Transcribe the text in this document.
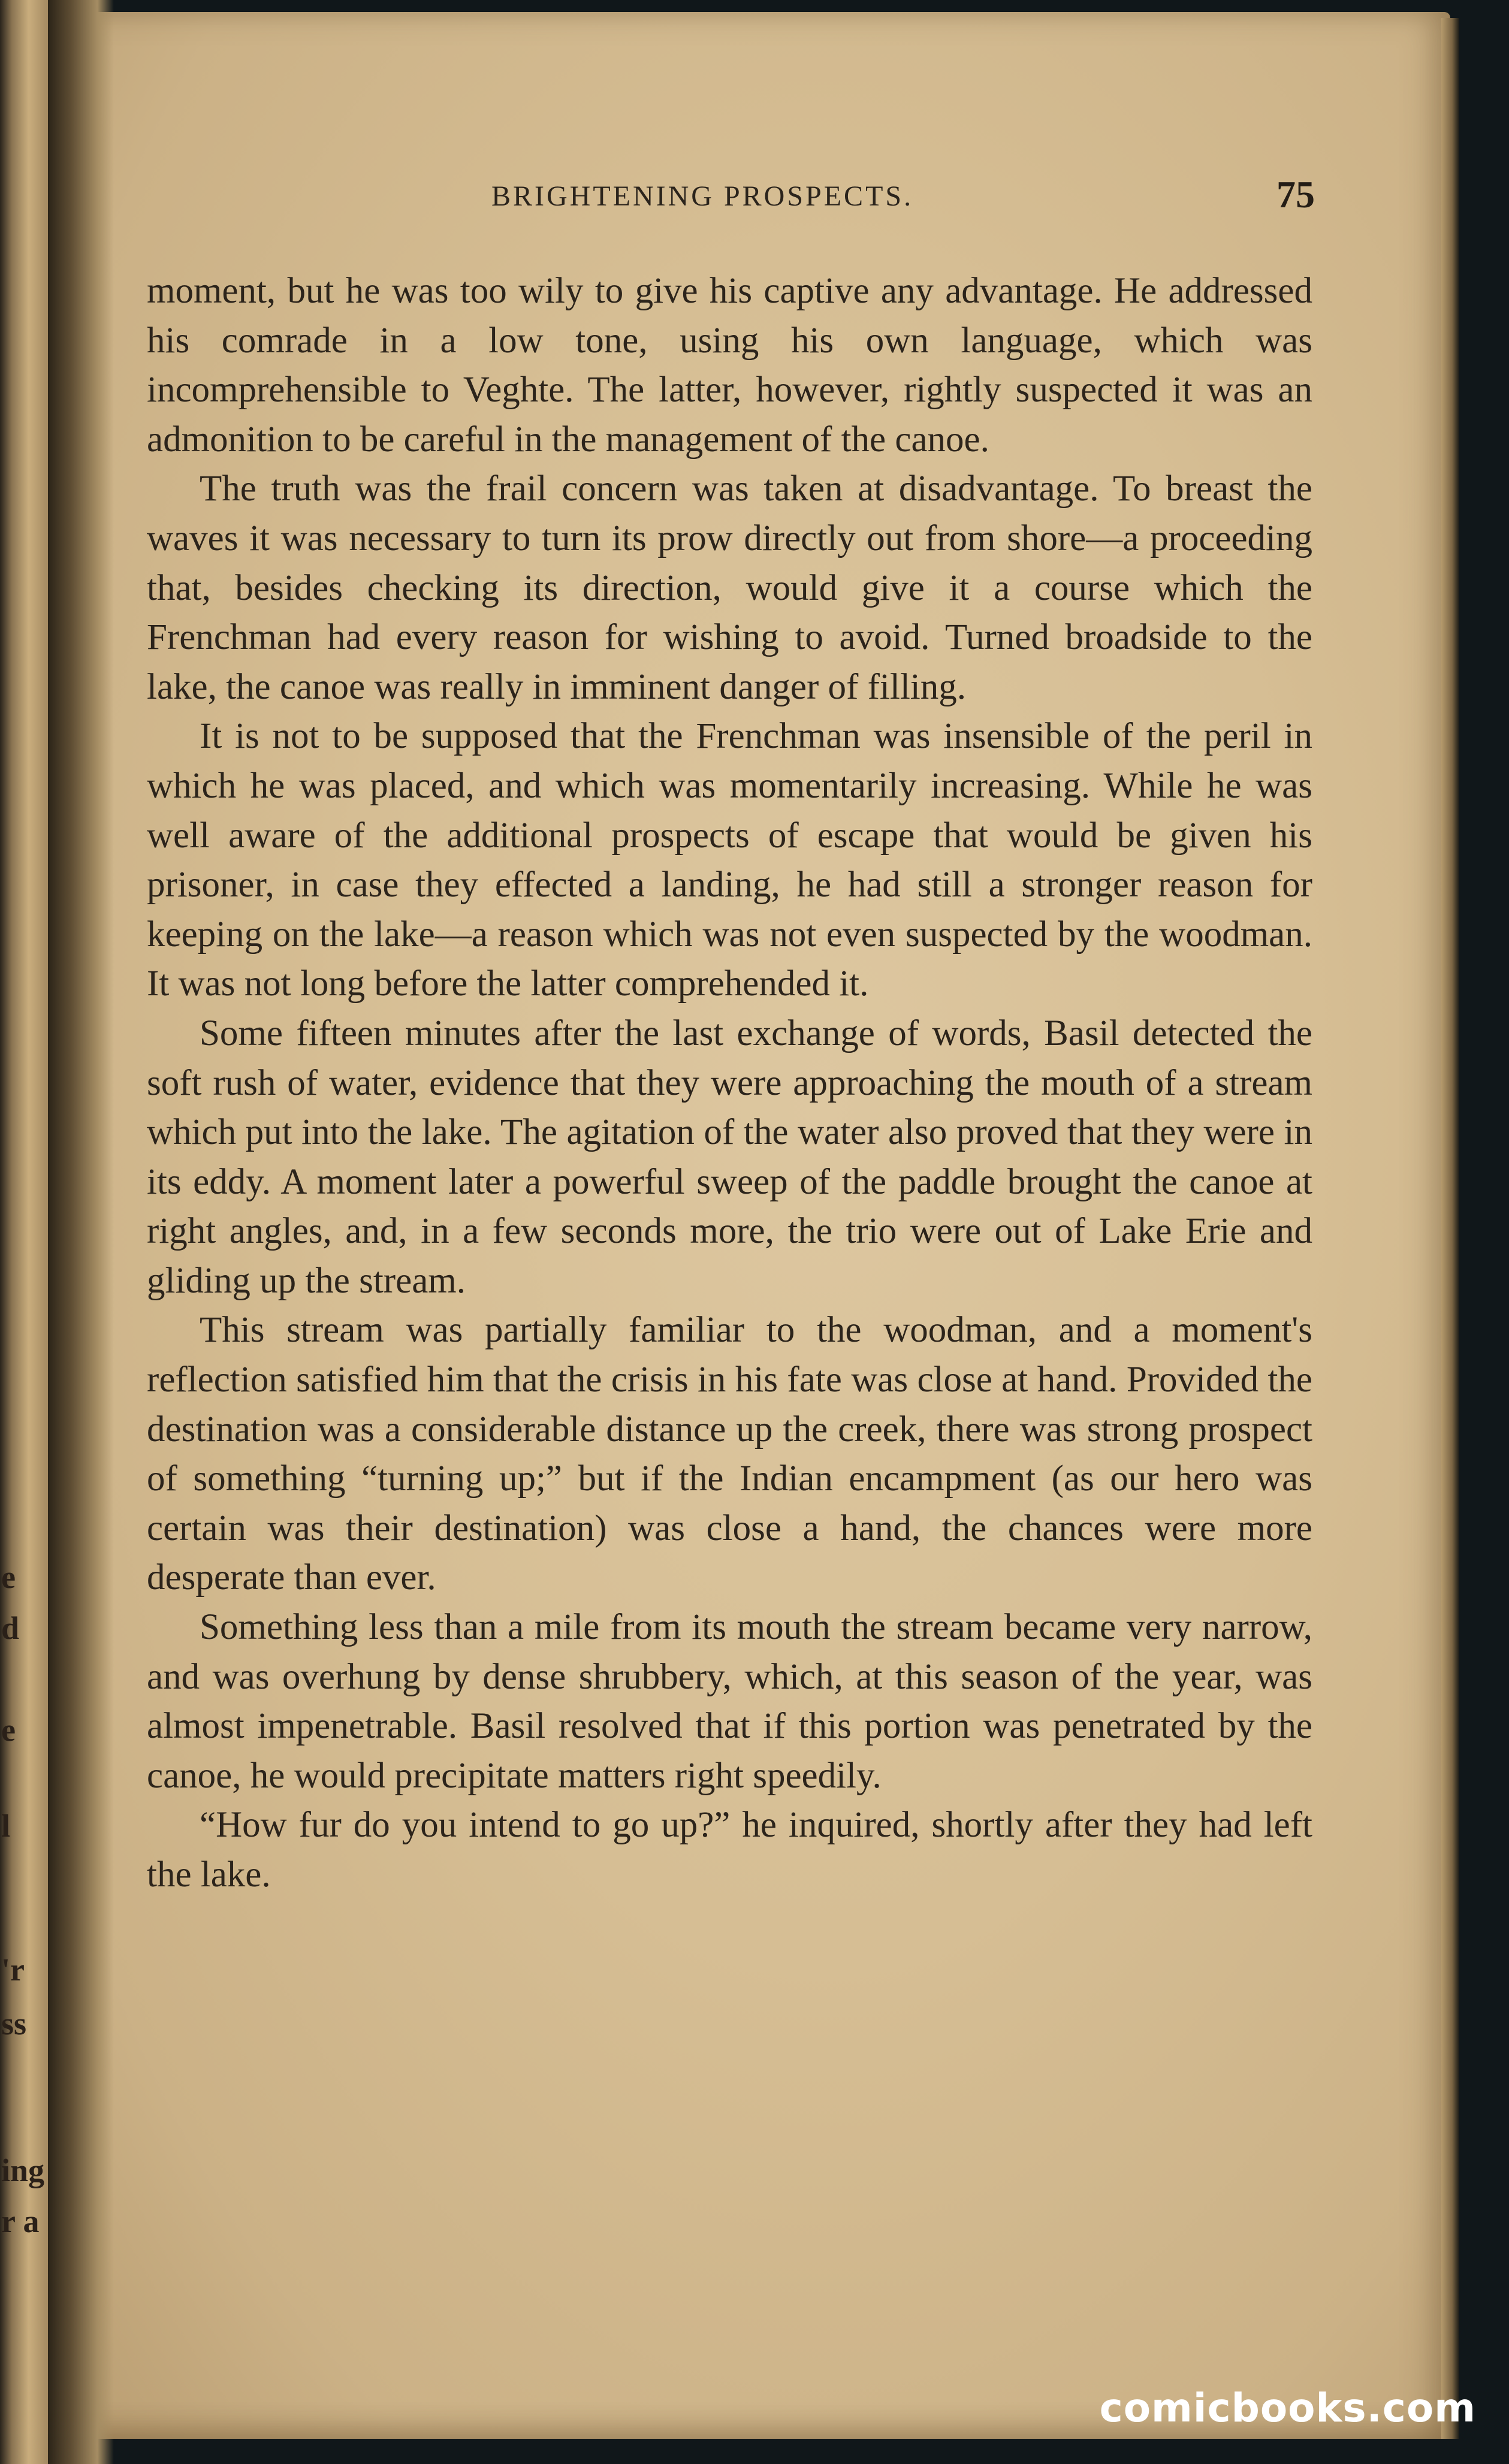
e
d
e
l
'r
ss
ing
r a
BRIGHTENING PROSPECTS.	75

moment, but he was too wily to give his captive any advantage. He addressed his comrade in a low tone, using his own language, which was incomprehensible to Veghte. The latter, however, rightly suspected it was an admonition to be careful in the management of the canoe.

The truth was the frail concern was taken at disadvantage. To breast the waves it was necessary to turn its prow directly out from shore—a proceeding that, besides checking its direction, would give it a course which the Frenchman had every reason for wishing to avoid. Turned broadside to the lake, the canoe was really in imminent danger of filling.

It is not to be supposed that the Frenchman was insensible of the peril in which he was placed, and which was momentarily increasing. While he was well aware of the additional prospects of escape that would be given his prisoner, in case they effected a landing, he had still a stronger reason for keeping on the lake—a reason which was not even suspected by the woodman. It was not long before the latter comprehended it.

Some fifteen minutes after the last exchange of words, Basil detected the soft rush of water, evidence that they were approaching the mouth of a stream which put into the lake. The agitation of the water also proved that they were in its eddy. A moment later a powerful sweep of the paddle brought the canoe at right angles, and, in a few seconds more, the trio were out of Lake Erie and gliding up the stream.

This stream was partially familiar to the woodman, and a moment's reflection satisfied him that the crisis in his fate was close at hand. Provided the destination was a considerable distance up the creek, there was strong prospect of something “turning up;” but if the Indian encampment (as our hero was certain was their destination) was close a hand, the chances were more desperate than ever.

Something less than a mile from its mouth the stream became very narrow, and was overhung by dense shrubbery, which, at this season of the year, was almost impenetrable. Basil resolved that if this portion was penetrated by the canoe, he would precipitate matters right speedily.

“How fur do you intend to go up?” he inquired, shortly after they had left the lake.

comicbooks.com
